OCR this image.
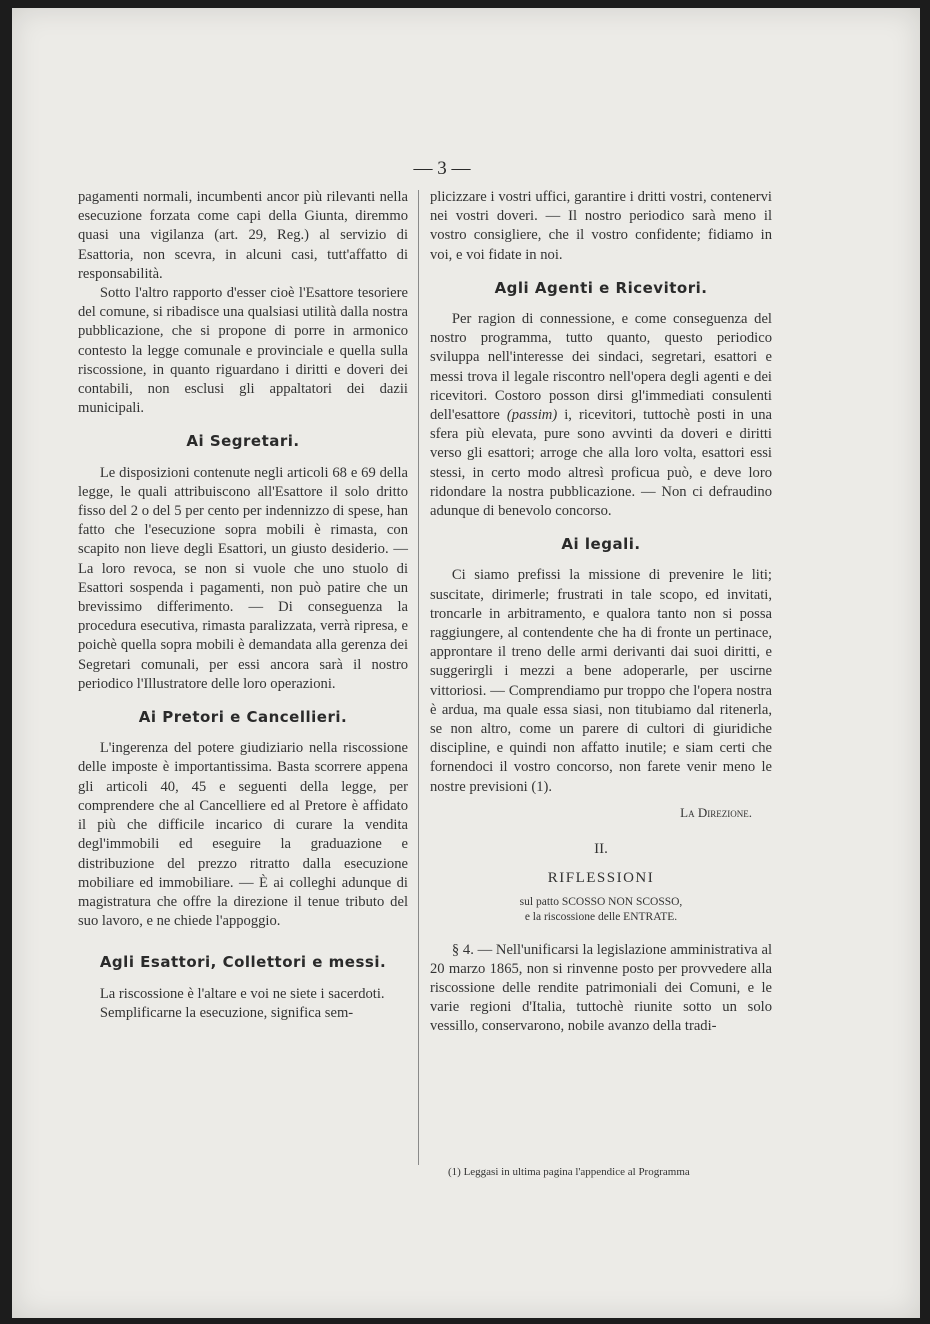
— 3 —

pagamenti normali, incumbenti ancor più rilevanti nella esecuzione forzata come capi della Giunta, diremmo quasi una vigilanza (art. 29, Reg.) al servizio di Esattoria, non scevra, in alcuni casi, tutt'affatto di responsabilità.

Sotto l'altro rapporto d'esser cioè l'Esattore tesoriere del comune, si ribadisce una qualsiasi utilità dalla nostra pubblicazione, che si propone di porre in armonico contesto la legge comunale e provinciale e quella sulla riscossione, in quanto riguardano i diritti e doveri dei contabili, non esclusi gli appaltatori dei dazii municipali.

Ai Segretari.

Le disposizioni contenute negli articoli 68 e 69 della legge, le quali attribuiscono all'Esattore il solo dritto fisso del 2 o del 5 per cento per indennizzo di spese, han fatto che l'esecuzione sopra mobili è rimasta, con scapito non lieve degli Esattori, un giusto desiderio. — La loro revoca, se non si vuole che uno stuolo di Esattori sospenda i pagamenti, non può patire che un brevissimo differimento. — Di conseguenza la procedura esecutiva, rimasta paralizzata, verrà ripresa, e poichè quella sopra mobili è demandata alla gerenza dei Segretari comunali, per essi ancora sarà il nostro periodico l'Illustratore delle loro operazioni.

Ai Pretori e Cancellieri.

L'ingerenza del potere giudiziario nella riscossione delle imposte è importantissima. Basta scorrere appena gli articoli 40, 45 e seguenti della legge, per comprendere che al Cancelliere ed al Pretore è affidato il più che difficile incarico di curare la vendita degl'immobili ed eseguire la graduazione e distribuzione del prezzo ritratto dalla esecuzione mobiliare ed immobiliare. — È ai colleghi adunque di magistratura che offre la direzione il tenue tributo del suo lavoro, e ne chiede l'appoggio.

Agli Esattori, Collettori e messi.

La riscossione è l'altare e voi ne siete i sacerdoti.

Semplificarne la esecuzione, significa sem-

plicizzare i vostri uffici, garantire i dritti vostri, contenervi nei vostri doveri. — Il nostro periodico sarà meno il vostro consigliere, che il vostro confidente; fidiamo in voi, e voi fidate in noi.

Agli Agenti e Ricevitori.

Per ragion di connessione, e come conseguenza del nostro programma, tutto quanto, questo periodico sviluppa nell'interesse dei sindaci, segretari, esattori e messi trova il legale riscontro nell'opera degli agenti e dei ricevitori. Costoro posson dirsi gl'immediati consulenti dell'esattore (passim) i, ricevitori, tuttochè posti in una sfera più elevata, pure sono avvinti da doveri e diritti verso gli esattori; arroge che alla loro volta, esattori essi stessi, in certo modo altresì proficua può, e deve loro ridondare la nostra pubblicazione. — Non ci defraudino adunque di benevolo concorso.

Ai legali.

Ci siamo prefissi la missione di prevenire le liti; suscitate, dirimerle; frustrati in tale scopo, ed invitati, troncarle in arbitramento, e qualora tanto non si possa raggiungere, al contendente che ha di fronte un pertinace, approntare il treno delle armi derivanti dai suoi diritti, e suggerirgli i mezzi a bene adoperarle, per uscirne vittoriosi. — Comprendiamo pur troppo che l'opera nostra è ardua, ma quale essa siasi, non titubiamo dal ritenerla, se non altro, come un parere di cultori di giuridiche discipline, e quindi non affatto inutile; e siam certi che fornendoci il vostro concorso, non farete venir meno le nostre previsioni (1).

La Direzione.
II.
RIFLESSIONI
sul patto SCOSSO NON SCOSSO,
e la riscossione delle ENTRATE.

§ 4. — Nell'unificarsi la legislazione amministrativa al 20 marzo 1865, non si rinvenne posto per provvedere alla riscossione delle rendite patrimoniali dei Comuni, e le varie regioni d'Italia, tuttochè riunite sotto un solo vessillo, conservarono, nobile avanzo della tradi-

(1) Leggasi in ultima pagina l'appendice al Programma
